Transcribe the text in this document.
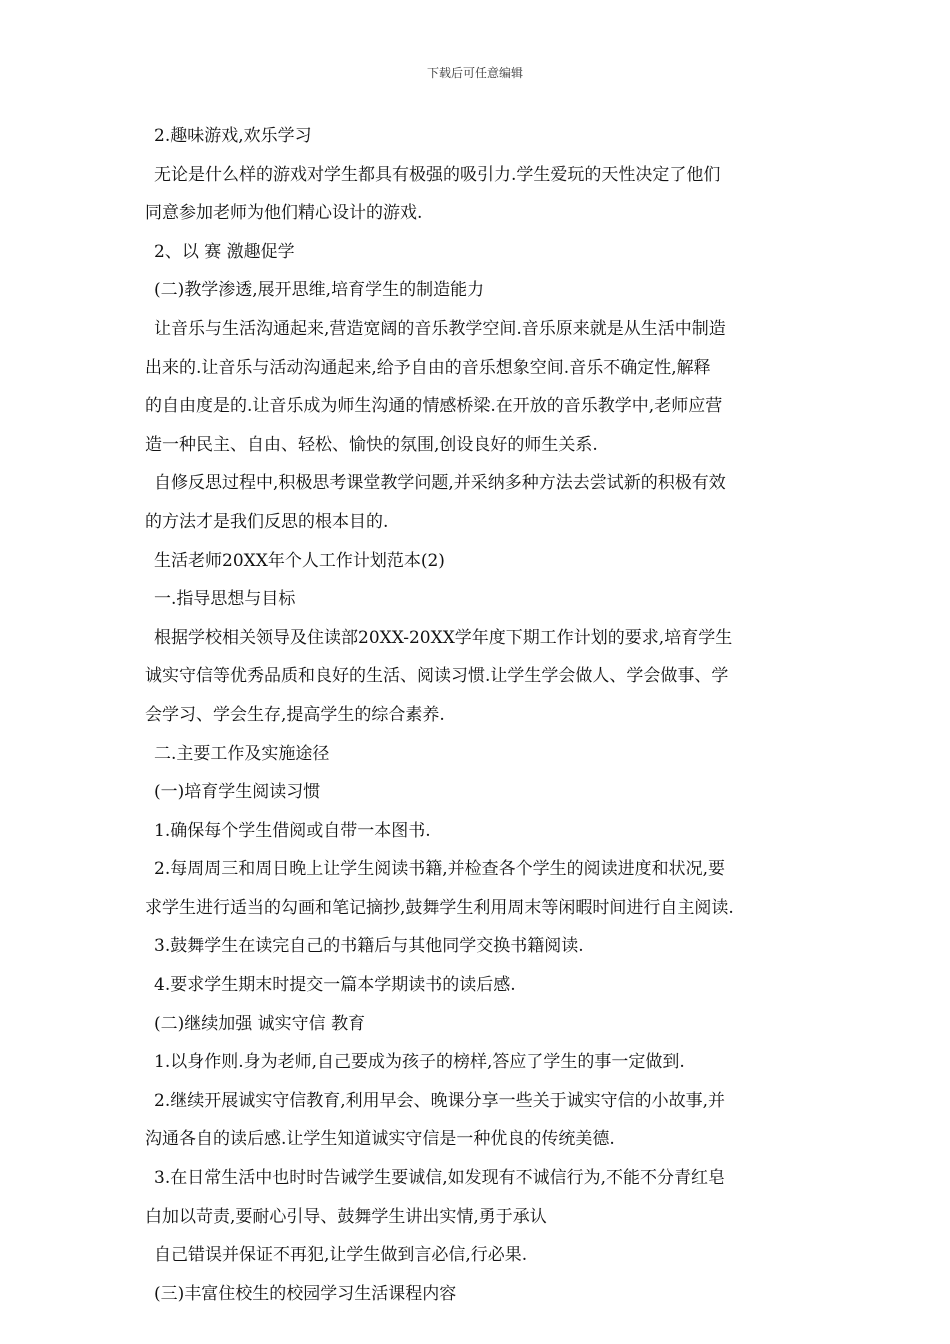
下载后可任意编辑
2.趣味游戏,欢乐学习
无论是什么样的游戏对学生都具有极强的吸引力.学生爱玩的天性决定了他们
同意参加老师为他们精心设计的游戏.
2、以 赛 激趣促学
(二)教学渗透,展开思维,培育学生的制造能力
让音乐与生活沟通起来,营造宽阔的音乐教学空间.音乐原来就是从生活中制造
出来的.让音乐与活动沟通起来,给予自由的音乐想象空间.音乐不确定性,解释
的自由度是的.让音乐成为师生沟通的情感桥梁.在开放的音乐教学中,老师应营
造一种民主、自由、轻松、愉快的氛围,创设良好的师生关系.
自修反思过程中,积极思考课堂教学问题,并采纳多种方法去尝试新的积极有效
的方法才是我们反思的根本目的.
生活老师20XX年个人工作计划范本(2)
一.指导思想与目标
根据学校相关领导及住读部20XX-20XX学年度下期工作计划的要求,培育学生
诚实守信等优秀品质和良好的生活、阅读习惯.让学生学会做人、学会做事、学
会学习、学会生存,提高学生的综合素养.
二.主要工作及实施途径
(一)培育学生阅读习惯
1.确保每个学生借阅或自带一本图书.
2.每周周三和周日晚上让学生阅读书籍,并检查各个学生的阅读进度和状况,要
求学生进行适当的勾画和笔记摘抄,鼓舞学生利用周末等闲暇时间进行自主阅读.
3.鼓舞学生在读完自己的书籍后与其他同学交换书籍阅读.
4.要求学生期末时提交一篇本学期读书的读后感.
(二)继续加强 诚实守信 教育
1.以身作则.身为老师,自己要成为孩子的榜样,答应了学生的事一定做到.
2.继续开展诚实守信教育,利用早会、晚课分享一些关于诚实守信的小故事,并
沟通各自的读后感.让学生知道诚实守信是一种优良的传统美德.
3.在日常生活中也时时告诫学生要诚信,如发现有不诚信行为,不能不分青红皂
白加以苛责,要耐心引导、鼓舞学生讲出实情,勇于承认
自己错误并保证不再犯,让学生做到言必信,行必果.
(三)丰富住校生的校园学习生活课程内容
